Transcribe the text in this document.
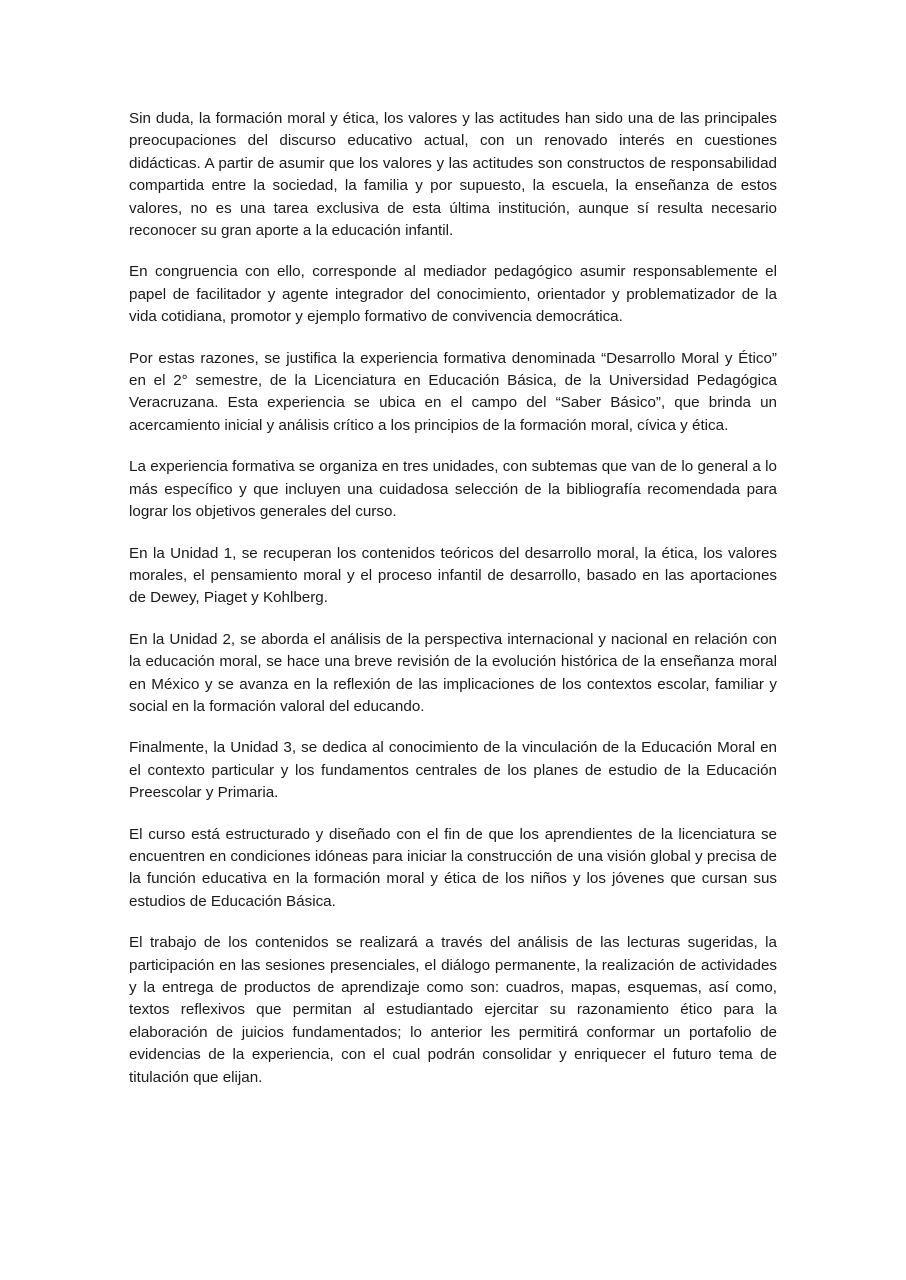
Sin duda, la formación moral y ética, los valores y las actitudes han sido una de las principales preocupaciones del discurso educativo actual, con un renovado interés en cuestiones didácticas. A partir de asumir que los valores y las actitudes son constructos de responsabilidad compartida entre la sociedad, la familia y por supuesto, la escuela, la enseñanza de estos valores, no es una tarea exclusiva de esta última institución, aunque sí resulta necesario reconocer su gran aporte a la educación infantil.

En congruencia con ello, corresponde al mediador pedagógico asumir responsablemente el papel de facilitador y agente integrador del conocimiento, orientador y problematizador de la vida cotidiana, promotor y ejemplo formativo de convivencia democrática.

Por estas razones, se justifica la experiencia formativa denominada “Desarrollo Moral y Ético” en el 2° semestre, de la Licenciatura en Educación Básica, de la Universidad Pedagógica Veracruzana. Esta experiencia se ubica en el campo del “Saber Básico”, que brinda un acercamiento inicial y análisis crítico a los principios de la formación moral, cívica y ética.

La experiencia formativa se organiza en tres unidades, con subtemas que van de lo general a lo más específico y que incluyen una cuidadosa selección de la bibliografía recomendada para lograr los objetivos generales del curso.

En la Unidad 1, se recuperan los contenidos teóricos del desarrollo moral, la ética, los valores morales, el pensamiento moral y el proceso infantil de desarrollo, basado en las aportaciones de Dewey, Piaget y Kohlberg.

En la Unidad 2, se aborda el análisis de la perspectiva internacional y nacional en relación con la educación moral, se hace una breve revisión de la evolución histórica de la enseñanza moral en México y se avanza en la reflexión de las implicaciones de los contextos escolar, familiar y social en la formación valoral del educando.

Finalmente, la Unidad 3, se dedica al conocimiento de la vinculación de la Educación Moral en el contexto particular y los fundamentos centrales de los planes de estudio de la Educación Preescolar y Primaria.

El curso está estructurado y diseñado con el fin de que los aprendientes de la licenciatura se encuentren en condiciones idóneas para iniciar la construcción de una visión global y precisa de la función educativa en la formación moral y ética de los niños y los jóvenes que cursan sus estudios de Educación Básica.

El trabajo de los contenidos se realizará a través del análisis de las lecturas sugeridas, la participación en las sesiones presenciales, el diálogo permanente, la realización de actividades y la entrega de productos de aprendizaje como son: cuadros, mapas, esquemas, así como, textos reflexivos que permitan al estudiantado ejercitar su razonamiento ético para la elaboración de juicios fundamentados; lo anterior les permitirá conformar un portafolio de evidencias de la experiencia, con el cual podrán consolidar y enriquecer el futuro tema de titulación que elijan.
